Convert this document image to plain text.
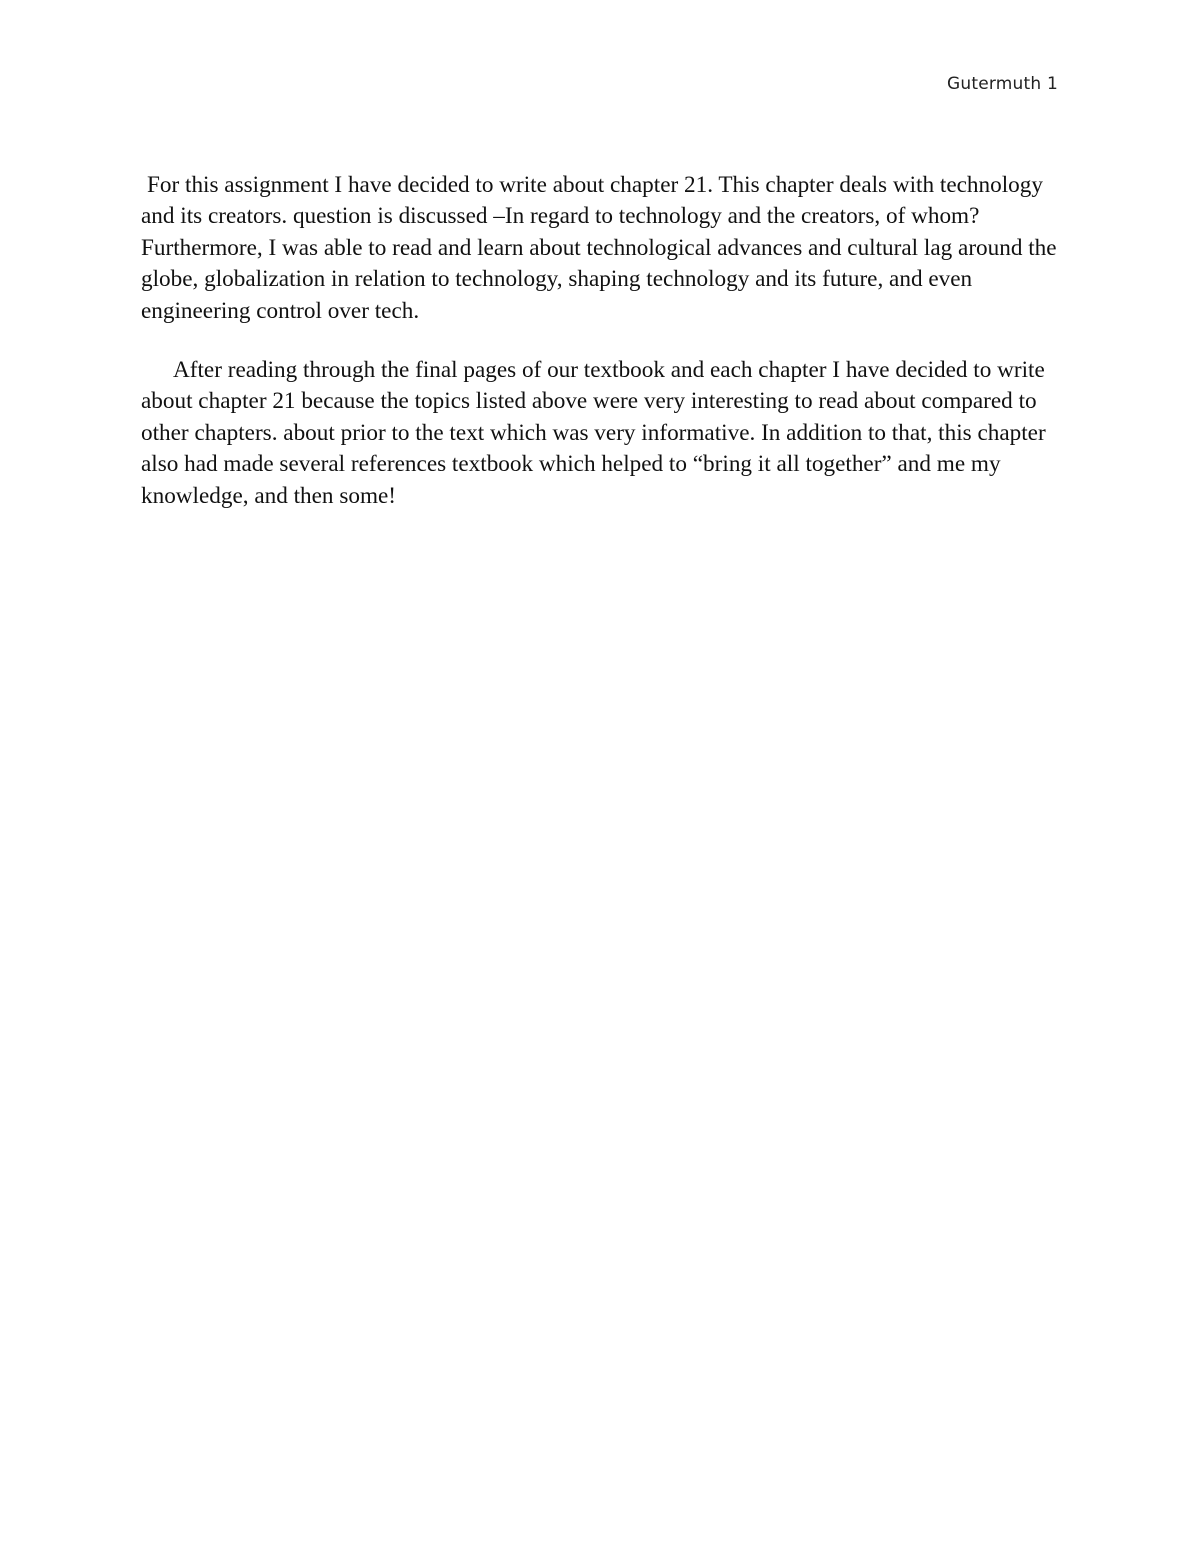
Gutermuth 1

For this assignment I have decided to write about chapter 21. This chapter deals with technology and its creators. question is discussed –In regard to technology and the creators, of whom? Furthermore, I was able to read and learn about technological advances and cultural lag around the globe, globalization in relation to technology, shaping technology and its future, and even engineering control over tech.

After reading through the final pages of our textbook and each chapter I have decided to write about chapter 21 because the topics listed above were very interesting to read about compared to other chapters. about prior to the text which was very informative. In addition to that, this chapter also had made several references textbook which helped to “bring it all together” and me my knowledge, and then some!
